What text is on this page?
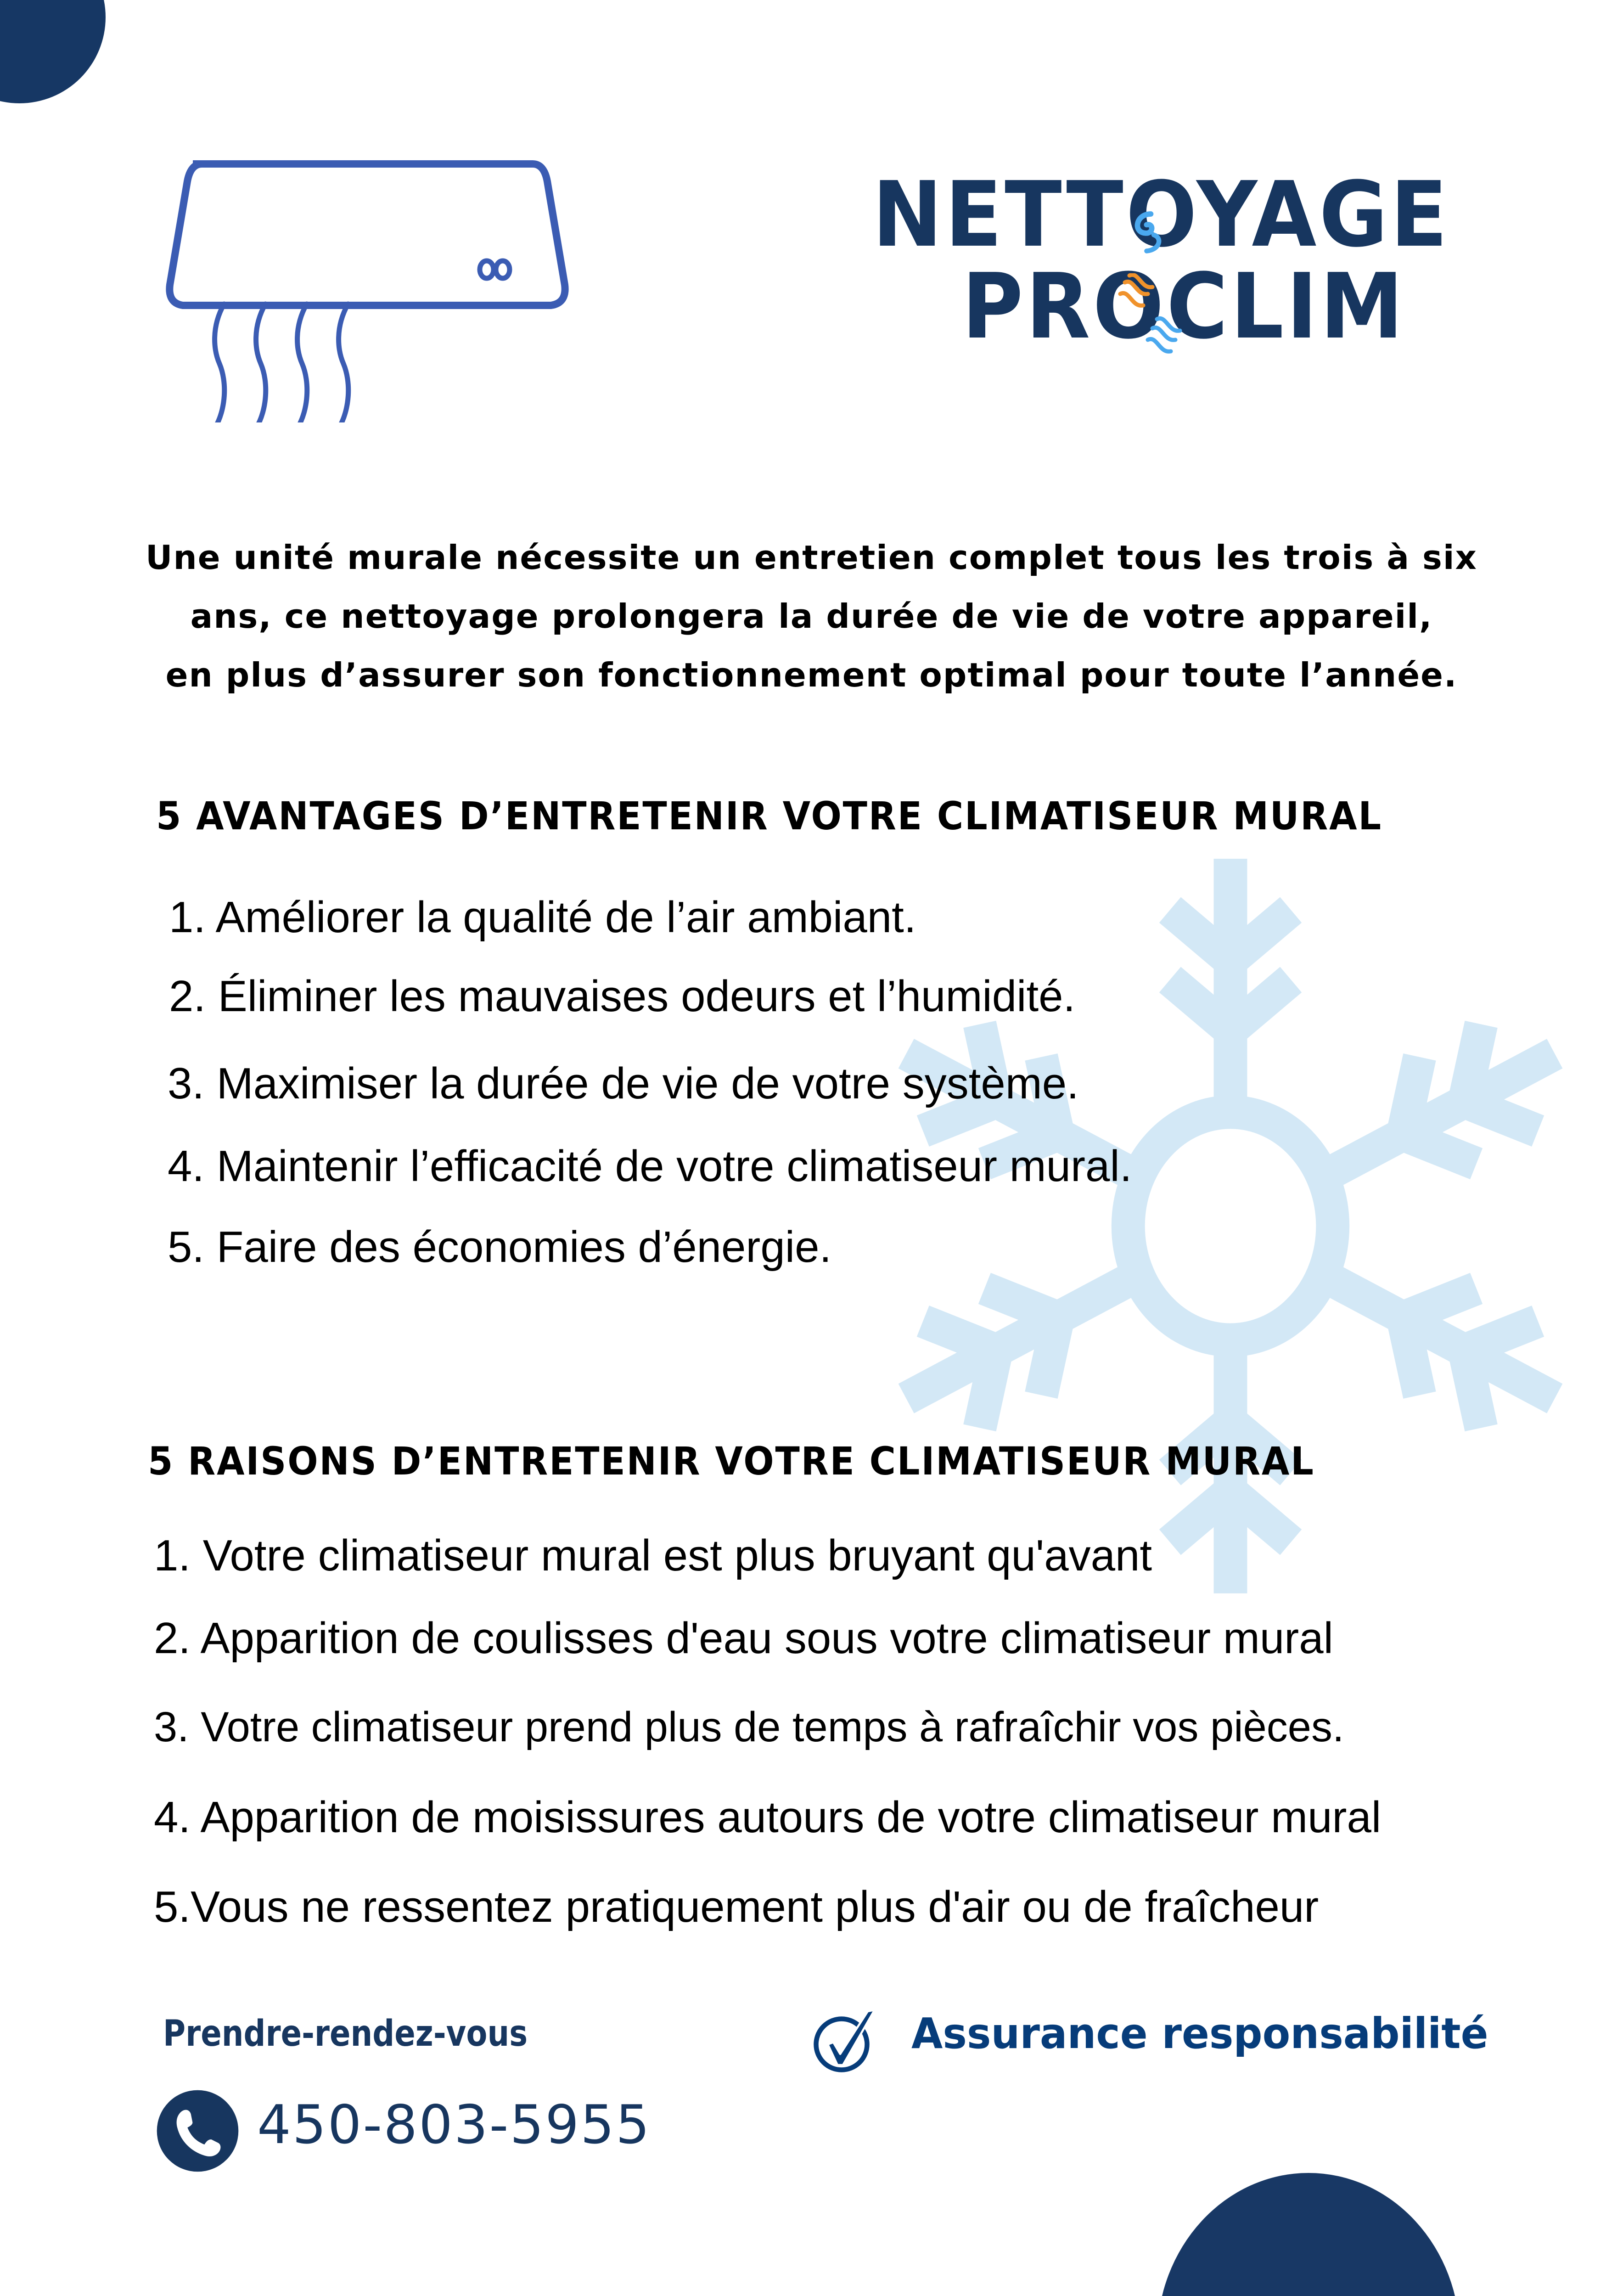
NETTOYAGE
PROCLIM
Une unité murale nécessite un entretien complet tous les trois à six
ans, ce nettoyage prolongera la durée de vie de votre appareil,
en plus d’assurer son fonctionnement optimal pour toute l’année.
5 AVANTAGES D’ENTRETENIR VOTRE CLIMATISEUR MURAL
1. Améliorer la qualité de l’air ambiant.
2. Éliminer les mauvaises odeurs et l’humidité.
3. Maximiser la durée de vie de votre système.
4. Maintenir l’efficacité de votre climatiseur mural.
5. Faire des économies d’énergie.
5 RAISONS D’ENTRETENIR VOTRE CLIMATISEUR MURAL
1. Votre climatiseur mural est plus bruyant qu'avant
2. Apparition de coulisses d'eau sous votre climatiseur mural
3. Votre climatiseur prend plus de temps à rafraîchir vos pièces.
4. Apparition de moisissures autours de votre climatiseur mural
5.Vous ne ressentez pratiquement plus d'air ou de fraîcheur
Prendre-rendez-vous	Assurance responsabilité
450-803-5955
